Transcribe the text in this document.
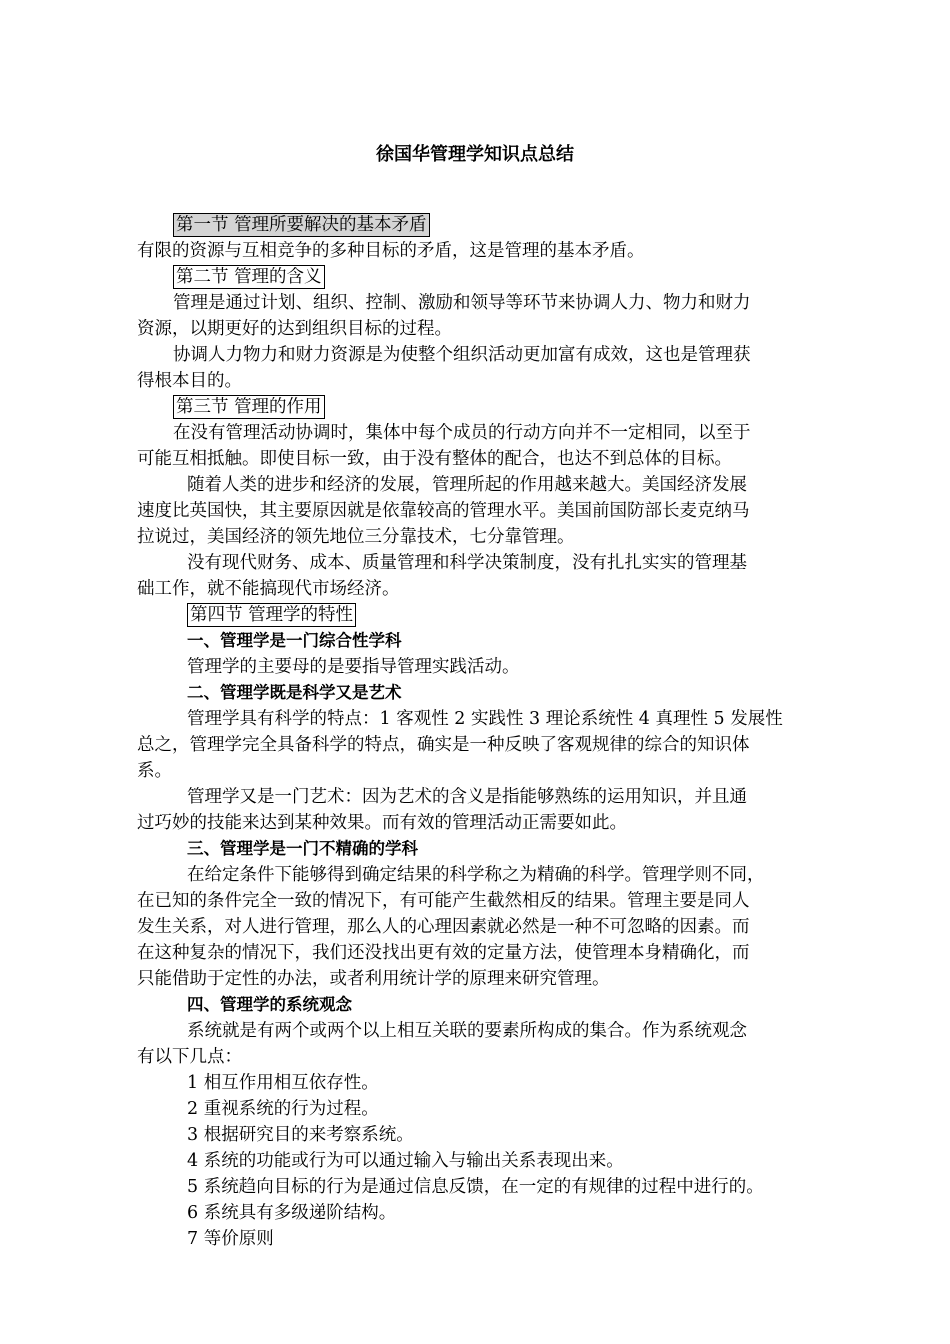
徐国华管理学知识点总结
第一节 管理所要解决的基本矛盾
有限的资源与互相竞争的多种目标的矛盾，这是管理的基本矛盾。
第二节 管理的含义
管理是通过计划、组织、控制、激励和领导等环节来协调人力、物力和财力
资源，以期更好的达到组织目标的过程。
协调人力物力和财力资源是为使整个组织活动更加富有成效，这也是管理获
得根本目的。
第三节 管理的作用
在没有管理活动协调时，集体中每个成员的行动方向并不一定相同，以至于
可能互相抵触。即使目标一致，由于没有整体的配合，也达不到总体的目标。
随着人类的进步和经济的发展，管理所起的作用越来越大。美国经济发展
速度比英国快，其主要原因就是依靠较高的管理水平。美国前国防部长麦克纳马
拉说过，美国经济的领先地位三分靠技术，七分靠管理。
没有现代财务、成本、质量管理和科学决策制度，没有扎扎实实的管理基
础工作，就不能搞现代市场经济。
第四节 管理学的特性
一、管理学是一门综合性学科
管理学的主要母的是要指导管理实践活动。
二、管理学既是科学又是艺术
管理学具有科学的特点：1 客观性 2 实践性 3 理论系统性 4 真理性 5 发展性
总之，管理学完全具备科学的特点，确实是一种反映了客观规律的综合的知识体
系。
管理学又是一门艺术：因为艺术的含义是指能够熟练的运用知识，并且通
过巧妙的技能来达到某种效果。而有效的管理活动正需要如此。
三、管理学是一门不精确的学科
在给定条件下能够得到确定结果的科学称之为精确的科学。管理学则不同，
在已知的条件完全一致的情况下，有可能产生截然相反的结果。管理主要是同人
发生关系，对人进行管理，那么人的心理因素就必然是一种不可忽略的因素。而
在这种复杂的情况下，我们还没找出更有效的定量方法，使管理本身精确化，而
只能借助于定性的办法，或者利用统计学的原理来研究管理。
四、管理学的系统观念
系统就是有两个或两个以上相互关联的要素所构成的集合。作为系统观念
有以下几点：
1 相互作用相互依存性。
2 重视系统的行为过程。
3 根据研究目的来考察系统。
4 系统的功能或行为可以通过输入与输出关系表现出来。
5 系统趋向目标的行为是通过信息反馈，在一定的有规律的过程中进行的。
6 系统具有多级递阶结构。
7 等价原则
